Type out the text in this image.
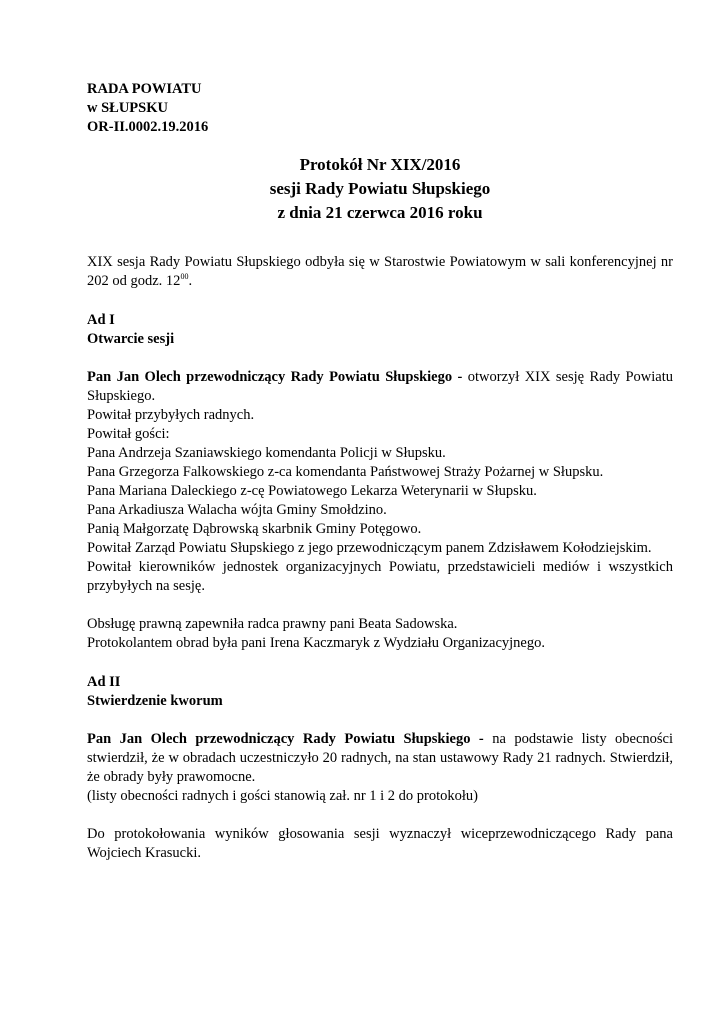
RADA POWIATU

w SŁUPSKU

OR-II.0002.19.2016

Protokół Nr XIX/2016
sesji Rady Powiatu Słupskiego
z dnia 21 czerwca 2016 roku

XIX sesja Rady Powiatu Słupskiego odbyła się w Starostwie Powiatowym w sali konferencyjnej nr 202 od godz. $12^{00}$.

Ad I

Otwarcie sesji

Pan Jan Olech przewodniczący Rady Powiatu Słupskiego - otworzył XIX sesję Rady Powiatu Słupskiego.

Powitał przybyłych radnych.

Powitał gości:

Pana Andrzeja Szaniawskiego komendanta Policji w Słupsku.

Pana Grzegorza Falkowskiego z-ca komendanta Państwowej Straży Pożarnej w Słupsku.

Pana Mariana Daleckiego z-cę Powiatowego Lekarza Weterynarii w Słupsku.

Pana Arkadiusza Walacha wójta Gminy Smołdzino.

Panią Małgorzatę Dąbrowską skarbnik Gminy Potęgowo.

Powitał Zarząd Powiatu Słupskiego z jego przewodniczącym panem Zdzisławem Kołodziejskim.

Powitał kierowników jednostek organizacyjnych Powiatu, przedstawicieli mediów i wszystkich przybyłych na sesję.

Obsługę prawną zapewniła radca prawny pani Beata Sadowska.

Protokolantem obrad była pani Irena Kaczmaryk z Wydziału Organizacyjnego.

Ad II

Stwierdzenie kworum

Pan Jan Olech przewodniczący Rady Powiatu Słupskiego - na podstawie listy obecności stwierdził, że w obradach uczestniczyło 20 radnych, na stan ustawowy Rady 21 radnych. Stwierdził, że obrady były prawomocne.

(listy obecności radnych i gości stanowią zał. nr 1 i 2 do protokołu)

Do protokołowania wyników głosowania sesji wyznaczył wiceprzewodniczącego Rady pana Wojciech Krasucki.
